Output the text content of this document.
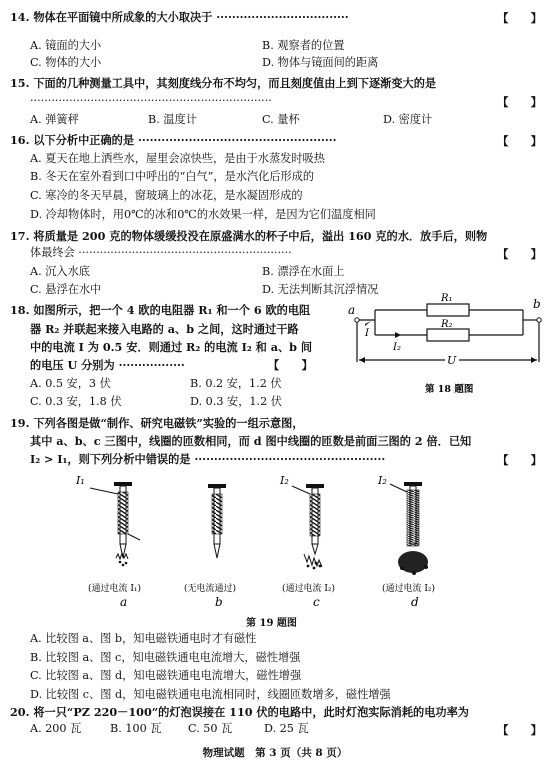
14. 物体在平面镜中所成象的大小取决于 ··································	【　　】
A. 镜面的大小	B. 观察者的位置
C. 物体的大小	D. 物体与镜面间的距离
15. 下面的几种测量工具中，其刻度线分布不均匀，而且刻度值由上到下逐渐变大的是
····································································	【　　】
A. 弹簧秤	B. 温度计	C. 量杯	D. 密度计
16. 以下分析中正确的是 ···················································	【　　】
A. 夏天在地上洒些水，屋里会凉快些，是由于水蒸发时吸热
B. 冬天在室外看到口中呼出的“白气”，是水汽化后形成的
C. 寒冷的冬天早晨，窗玻璃上的冰花，是水凝固形成的
D. 冷却物体时，用0℃的冰和0℃的水效果一样，是因为它们温度相同
17. 将质量是 200 克的物体缓缓投没在原盛满水的杯子中后，溢出 160 克的水．放手后，则物
体最终会 ····························································	【　　】
A. 沉入水底	B. 漂浮在水面上
C. 悬浮在水中	D. 无法判断其沉浮情况
18. 如图所示，把一个 4 欧的电阻器 R₁ 和一个 6 欧的电阻
器 R₂ 并联起来接入电路的 a、b 之间，这时通过干路
中的电流 I 为 0.5 安．则通过 R₂ 的电流 I₂ 和 a、b 间
的电压 U 分别为 ·················	【　　】
A. 0.5 安，3 伏	B. 0.2 安，1.2 伏
C. 0.3 安，1.8 伏	D. 0.3 安，1.2 伏
R₁
R₂
a	b
I
I₂
U
第 18 题图
19. 下列各图是做“制作、研究电磁铁”实验的一组示意图，
其中 a、b、c 三图中，线圈的匝数相同，而 d 图中线圈的匝数是前面三图的 2 倍．已知
I₂ > I₁，则下列分析中错误的是 ·················································	【　　】
I₁	I₂	I₂
(通过电流 I₁)	(无电流通过)	(通过电流 I₂)	(通过电流 I₂)
a	b	c	d
第 19 题图
A. 比较图 a、图 b，知电磁铁通电时才有磁性
B. 比较图 a、图 c，知电磁铁通电电流增大，磁性增强
C. 比较图 a、图 d，知电磁铁通电电流增大，磁性增强
D. 比较图 c、图 d，知电磁铁通电电流相同时，线圈匝数增多，磁性增强
20. 将一只“PZ 220－100”的灯泡误接在 110 伏的电路中，此时灯泡实际消耗的电功率为
【　　】
A. 200 瓦	B. 100 瓦 C. 50 瓦	D. 25 瓦
物理试题　第 3 页（共 8 页）
